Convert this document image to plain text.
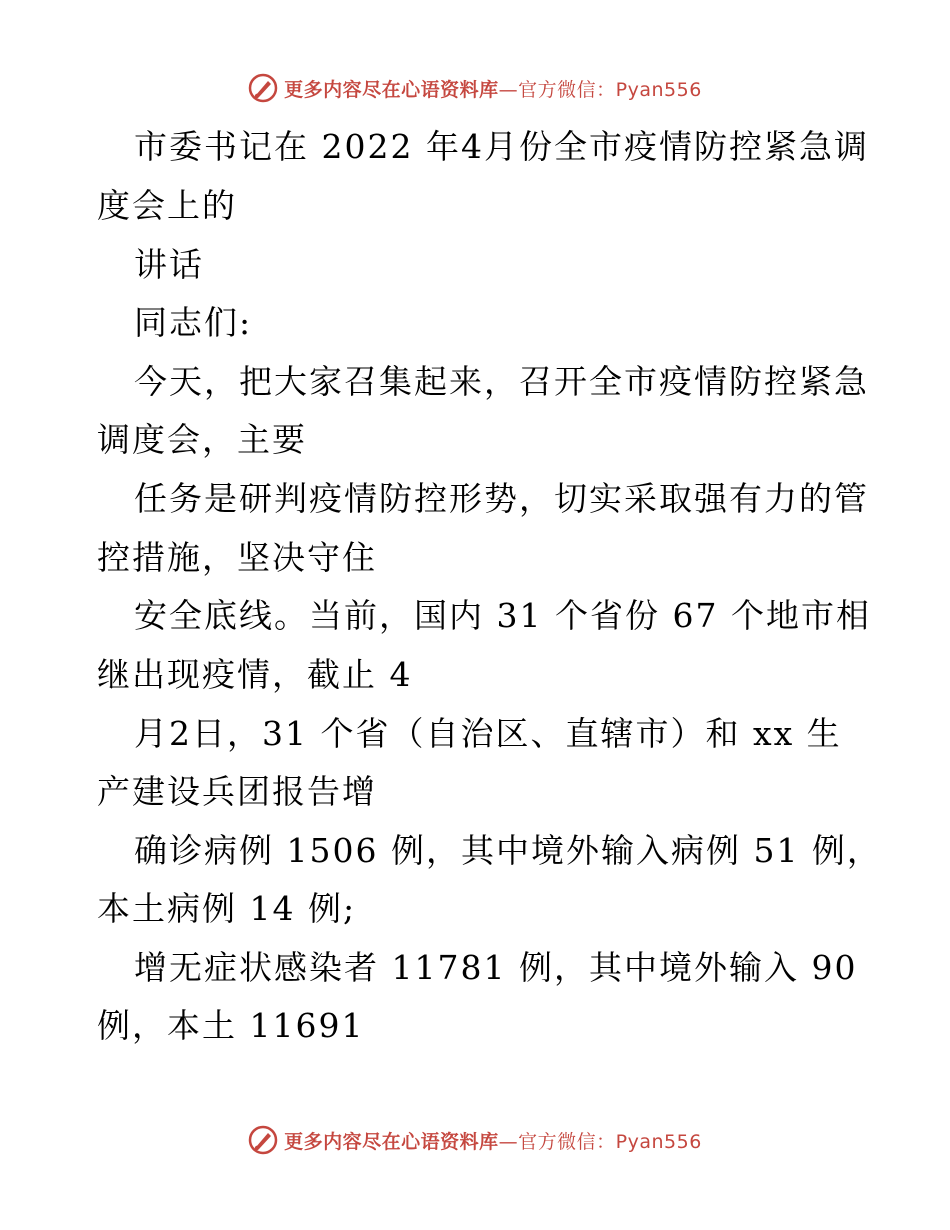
更多内容尽在心语资料库—官方微信：Pyan556
市委书记在 2022 年4月份全市疫情防控紧急调
度会上的
讲话
同志们:
今天，把大家召集起来，召开全市疫情防控紧急
调度会，主要
任务是研判疫情防控形势，切实采取强有力的管
控措施，坚决守住
安全底线。当前，国内 31 个省份 67 个地市相
继出现疫情，截止 4
月2日，31 个省（自治区、直辖市）和 xx 生
产建设兵团报告增
确诊病例 1506 例，其中境外输入病例 51 例，
本土病例 14 例;
增无症状感染者 11781 例，其中境外输入 90
例，本土 11691
更多内容尽在心语资料库—官方微信：Pyan556
